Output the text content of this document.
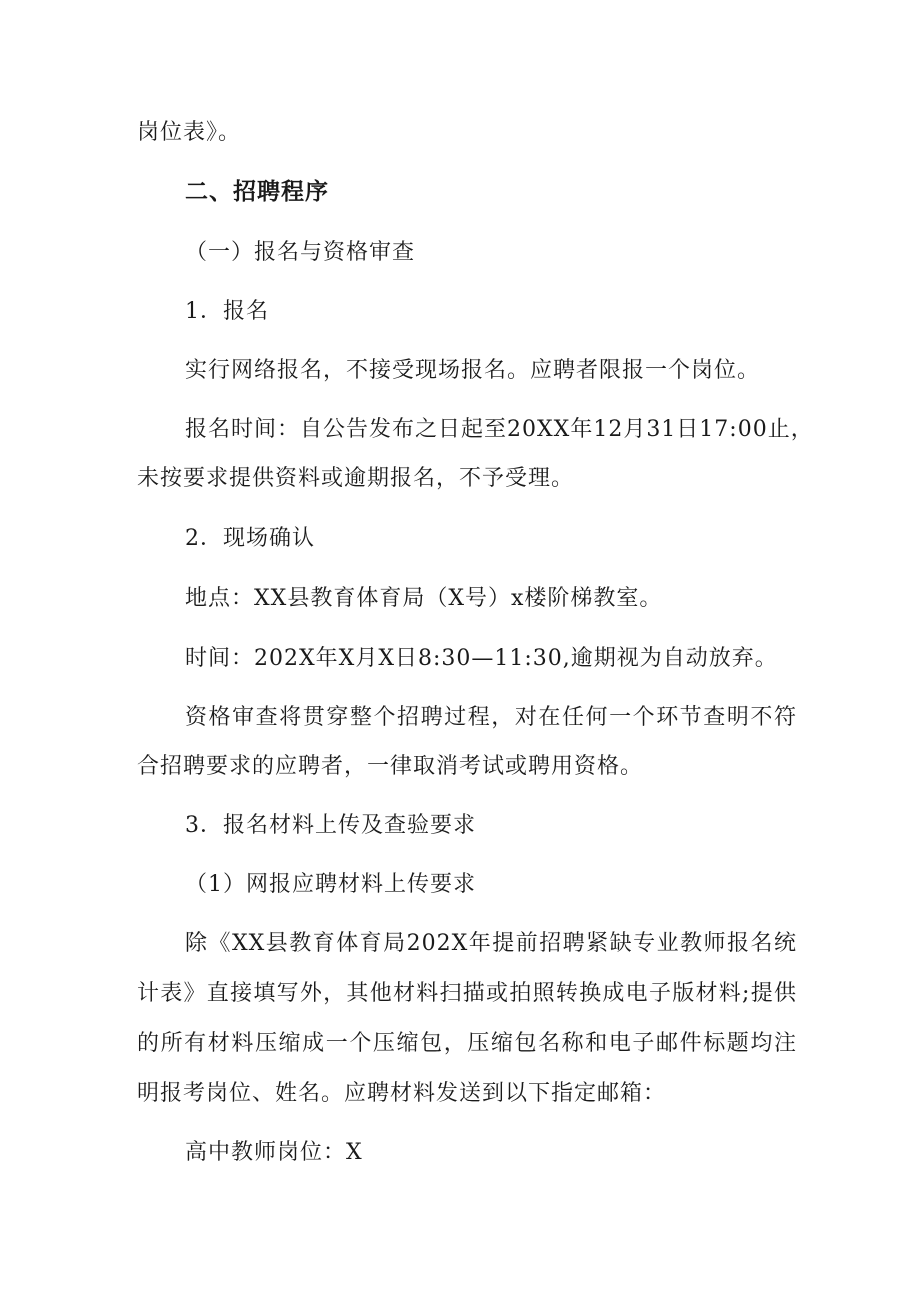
岗位表》。
二、招聘程序
（一）报名与资格审查
1．报名
实行网络报名，不接受现场报名。应聘者限报一个岗位。
报名时间：自公告发布之日起至20XX年12月31日17:00止，
未按要求提供资料或逾期报名，不予受理。
2．现场确认
地点：XX县教育体育局（X号）x楼阶梯教室。
时间：202X年X月X日8:30—11:30,逾期视为自动放弃。
资格审查将贯穿整个招聘过程，对在任何一个环节查明不符
合招聘要求的应聘者，一律取消考试或聘用资格。
3．报名材料上传及查验要求
（1）网报应聘材料上传要求
除《XX县教育体育局202X年提前招聘紧缺专业教师报名统
计表》直接填写外，其他材料扫描或拍照转换成电子版材料;提供
的所有材料压缩成一个压缩包，压缩包名称和电子邮件标题均注
明报考岗位、姓名。应聘材料发送到以下指定邮箱：
高中教师岗位：X
